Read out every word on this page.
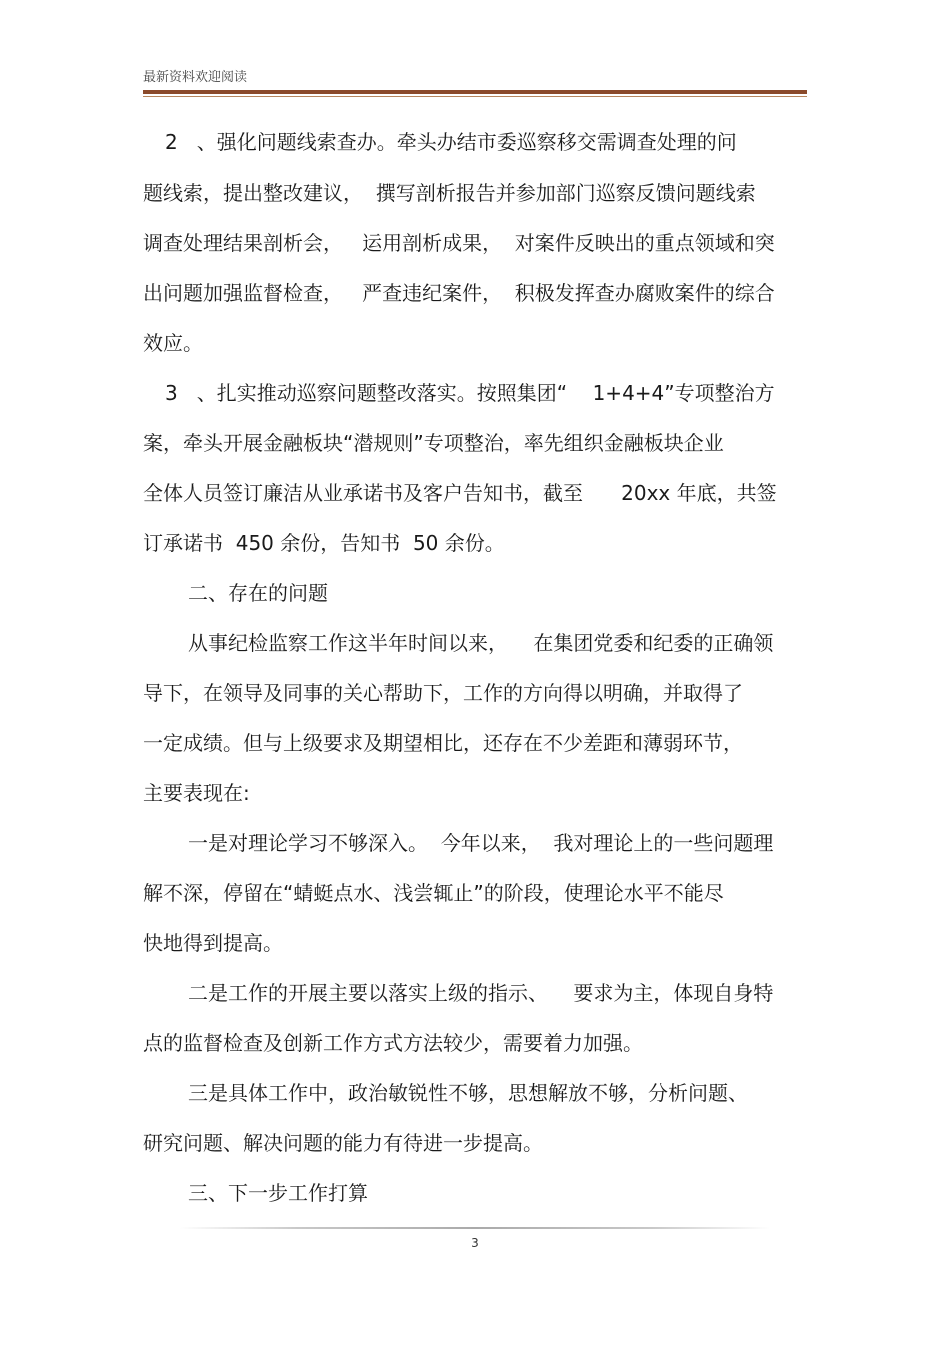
最新资料欢迎阅读
2   、强化问题线索查办。牵头办结市委巡察移交需调查处理的问
题线索，提出整改建议，  撰写剖析报告并参加部门巡察反馈问题线索
调查处理结果剖析会，   运用剖析成果，  对案件反映出的重点领域和突
出问题加强监督检查，   严查违纪案件，  积极发挥查办腐败案件的综合
效应。
3   、扎实推动巡察问题整改落实。按照集团“    1+4+4”专项整治方
案，牵头开展金融板块“潜规则”专项整治，率先组织金融板块企业
全体人员签订廉洁从业承诺书及客户告知书，截至      20xx 年底，共签
订承诺书  450 余份，告知书  50 余份。
二、存在的问题
从事纪检监察工作这半年时间以来，    在集团党委和纪委的正确领
导下，在领导及同事的关心帮助下，工作的方向得以明确，并取得了
一定成绩。但与上级要求及期望相比，还存在不少差距和薄弱环节，
主要表现在:
一是对理论学习不够深入。  今年以来，  我对理论上的一些问题理
解不深，停留在“蜻蜓点水、浅尝辄止”的阶段，使理论水平不能尽
快地得到提高。
二是工作的开展主要以落实上级的指示、    要求为主，体现自身特
点的监督检查及创新工作方式方法较少，需要着力加强。
三是具体工作中，政治敏锐性不够，思想解放不够，分析问题、
研究问题、解决问题的能力有待进一步提高。
三、下一步工作打算
3
